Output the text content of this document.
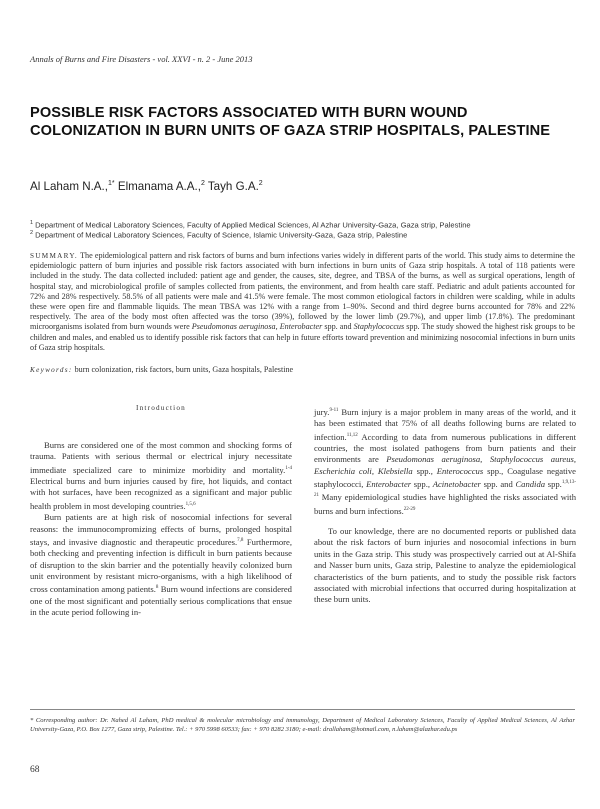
Annals of Burns and Fire Disasters - vol. XXVI - n. 2 - June 2013
POSSIBLE RISK FACTORS ASSOCIATED WITH BURN WOUND COLONIZATION IN BURN UNITS OF GAZA STRIP HOSPITALS, PALESTINE
Al Laham N.A.,$^{1*}$ Elmanama A.A.,$^2$ Tayh G.A.$^2$
$^1$ Department of Medical Laboratory Sciences, Faculty of Applied Medical Sciences, Al Azhar University-Gaza, Gaza strip, Palestine
$^2$ Department of Medical Laboratory Sciences, Faculty of Science, Islamic University-Gaza, Gaza strip, Palestine
SUMMARY. The epidemiological pattern and risk factors of burns and burn infections varies widely in different parts of the world. This study aims to determine the epidemiologic pattern of burn injuries and possible risk factors associated with burn infections in burn units of Gaza strip hospitals. A total of 118 patients were included in the study. The data collected included: patient age and gender, the causes, site, degree, and TBSA of the burns, as well as surgical operations, length of hospital stay, and microbiological profile of samples collected from patients, the environment, and from health care staff. Pediatric and adult patients accounted for 72% and 28% respectively. 58.5% of all patients were male and 41.5% were female. The most common etiological factors in children were scalding, while in adults these were open fire and flammable liquids. The mean TBSA was 12% with a range from 1–90%. Second and third degree burns accounted for 78% and 22% respectively. The area of the body most often affected was the torso (39%), followed by the lower limb (29.7%), and upper limb (17.8%). The predominant microorganisms isolated from burn wounds were Pseudomonas aeruginosa, Enterobacter spp. and Staphylococcus spp. The study showed the highest risk groups to be children and males, and enabled us to identify possible risk factors that can help in future efforts toward prevention and minimizing nosocomial infections in burn units of Gaza strip hospitals.
Keywords: burn colonization, risk factors, burn units, Gaza hospitals, Palestine
Introduction

Burns are considered one of the most common and shocking forms of trauma. Patients with serious thermal or electrical injury necessitate immediate specialized care to minimize morbidity and mortality.$^{1-4}$ Electrical burns and burn injuries caused by fire, hot liquids, and contact with hot surfaces, have been recognized as a significant and major public health problem in most developing countries.$^{1,5,6}$

Burn patients are at high risk of nosocomial infections for several reasons: the immunocompromizing effects of burns, prolonged hospital stays, and invasive diagnostic and therapeutic procedures.$^{7,8}$ Furthermore, both checking and preventing infection is difficult in burn patients because of disruption to the skin barrier and the potentially heavily colonized burn unit environment by resistant micro-organisms, with a high likelihood of cross contamination among patients.$^8$ Burn wound infections are considered one of the most significant and potentially serious complications that ensue in the acute period following in-

jury.$^{9-11}$ Burn injury is a major problem in many areas of the world, and it has been estimated that 75% of all deaths following burns are related to infection.$^{11,12}$ According to data from numerous publications in different countries, the most isolated pathogens from burn patients and their environments are Pseudomonas aeruginosa, Staphylococcus aureus, Escherichia coli, Klebsiella spp., Enterococcus spp., Coagulase negative staphylococci, Enterobacter spp., Acinetobacter spp. and Candida spp.$^{1,9,13-21}$ Many epidemiological studies have highlighted the risks associated with burns and burn infections.$^{22-29}$

To our knowledge, there are no documented reports or published data about the risk factors of burn injuries and nosocomial infections in burn units in the Gaza strip. This study was prospectively carried out at Al-Shifa and Nasser burn units, Gaza strip, Palestine to analyze the epidemiological characteristics of the burn patients, and to study the possible risk factors associated with microbial infections that occurred during hospitalization at these burn units.

* Corresponding author: Dr. Nahed Al Laham, PhD medical & molecular microbiology and immunology, Department of Medical Laboratory Sciences, Faculty of Applied Medical Sciences, Al Azhar University-Gaza, P.O. Box 1277, Gaza strip, Palestine. Tel.: + 970 5998 60533; fax: + 970 8282 3180; e-mail: drallaham@hotmail.com, n.laham@alazhar.edu.ps
68
